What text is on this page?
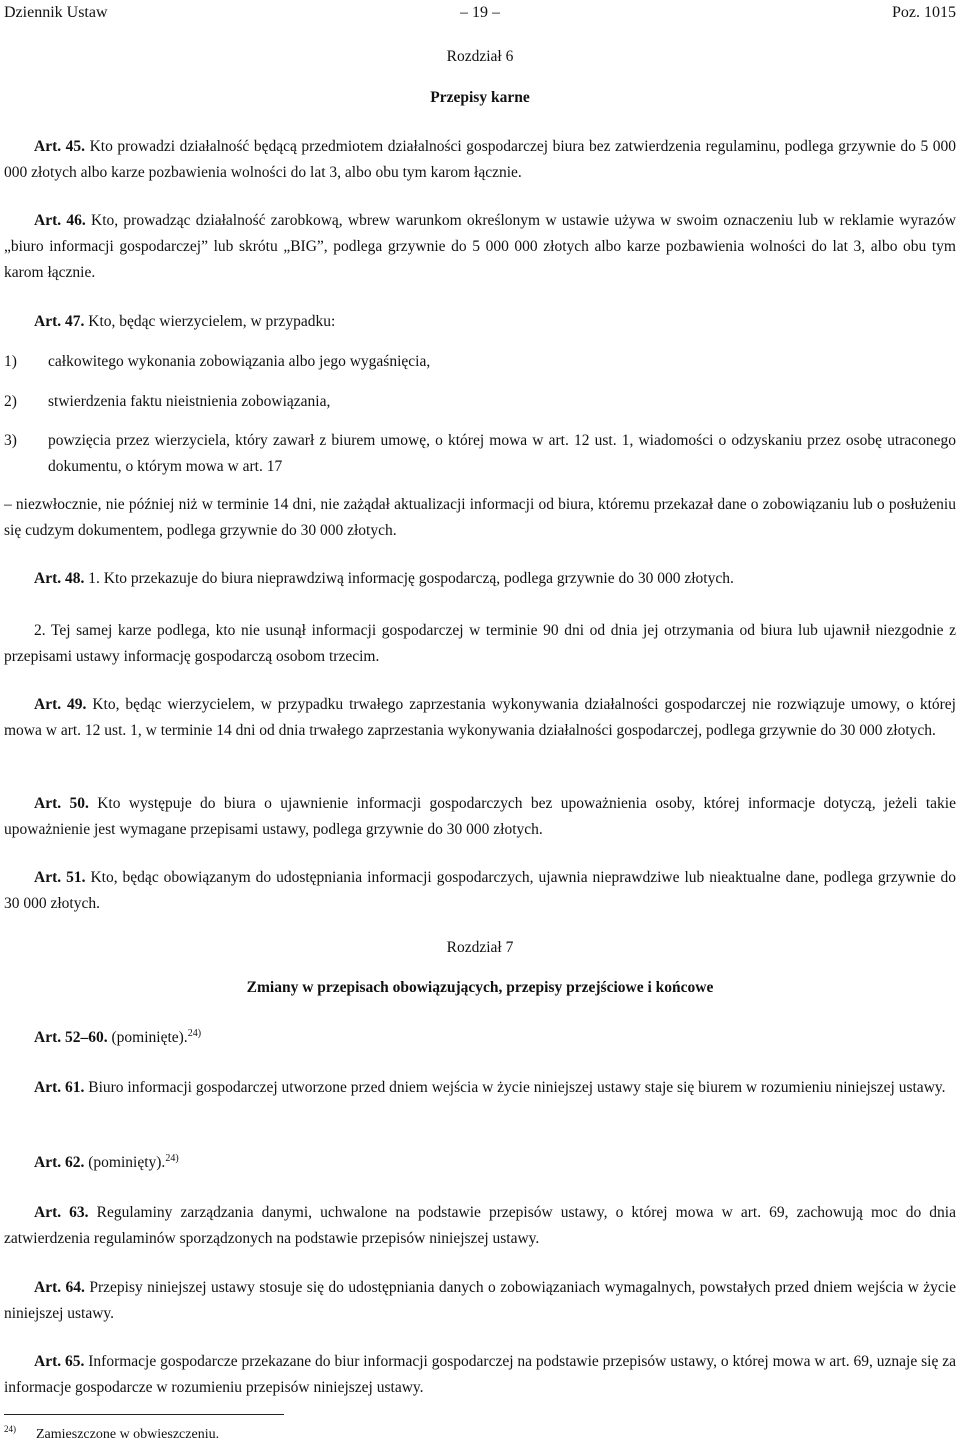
Dziennik Ustaw	– 19 –	Poz. 1015
Rozdział 6
Przepisy karne
Art. 45. Kto prowadzi działalność będącą przedmiotem działalności gospodarczej biura bez zatwierdzenia regulaminu, podlega grzywnie do 5 000 000 złotych albo karze pozbawienia wolności do lat 3, albo obu tym karom łącznie.
Art. 46. Kto, prowadząc działalność zarobkową, wbrew warunkom określonym w ustawie używa w swoim oznaczeniu lub w reklamie wyrazów „biuro informacji gospodarczej” lub skrótu „BIG”, podlega grzywnie do 5 000 000 złotych albo karze pozbawienia wolności do lat 3, albo obu tym karom łącznie.
Art. 47. Kto, będąc wierzycielem, w przypadku:
1) całkowitego wykonania zobowiązania albo jego wygaśnięcia,
2) stwierdzenia faktu nieistnienia zobowiązania,
3) powzięcia przez wierzyciela, który zawarł z biurem umowę, o której mowa w art. 12 ust. 1, wiadomości o odzyskaniu przez osobę utraconego dokumentu, o którym mowa w art. 17
– niezwłocznie, nie później niż w terminie 14 dni, nie zażądał aktualizacji informacji od biura, któremu przekazał dane o zobowiązaniu lub o posłużeniu się cudzym dokumentem, podlega grzywnie do 30 000 złotych.
Art. 48. 1. Kto przekazuje do biura nieprawdziwą informację gospodarczą, podlega grzywnie do 30 000 złotych.
2. Tej samej karze podlega, kto nie usunął informacji gospodarczej w terminie 90 dni od dnia jej otrzymania od biura lub ujawnił niezgodnie z przepisami ustawy informację gospodarczą osobom trzecim.
Art. 49. Kto, będąc wierzycielem, w przypadku trwałego zaprzestania wykonywania działalności gospodarczej nie rozwiązuje umowy, o której mowa w art. 12 ust. 1, w terminie 14 dni od dnia trwałego zaprzestania wykonywania działalności gospodarczej, podlega grzywnie do 30 000 złotych.
Art. 50. Kto występuje do biura o ujawnienie informacji gospodarczych bez upoważnienia osoby, której informacje dotyczą, jeżeli takie upoważnienie jest wymagane przepisami ustawy, podlega grzywnie do 30 000 złotych.
Art. 51. Kto, będąc obowiązanym do udostępniania informacji gospodarczych, ujawnia nieprawdziwe lub nieaktualne dane, podlega grzywnie do 30 000 złotych.
Rozdział 7
Zmiany w przepisach obowiązujących, przepisy przejściowe i końcowe
Art. 52–60. (pominięte).$^{24)}$
Art. 61. Biuro informacji gospodarczej utworzone przed dniem wejścia w życie niniejszej ustawy staje się biurem w rozumieniu niniejszej ustawy.
Art. 62. (pominięty).$^{24)}$
Art. 63. Regulaminy zarządzania danymi, uchwalone na podstawie przepisów ustawy, o której mowa w art. 69, zachowują moc do dnia zatwierdzenia regulaminów sporządzonych na podstawie przepisów niniejszej ustawy.
Art. 64. Przepisy niniejszej ustawy stosuje się do udostępniania danych o zobowiązaniach wymagalnych, powstałych przed dniem wejścia w życie niniejszej ustawy.
Art. 65. Informacje gospodarcze przekazane do biur informacji gospodarczej na podstawie przepisów ustawy, o której mowa w art. 69, uznaje się za informacje gospodarcze w rozumieniu przepisów niniejszej ustawy.
24) Zamieszczone w obwieszczeniu.
